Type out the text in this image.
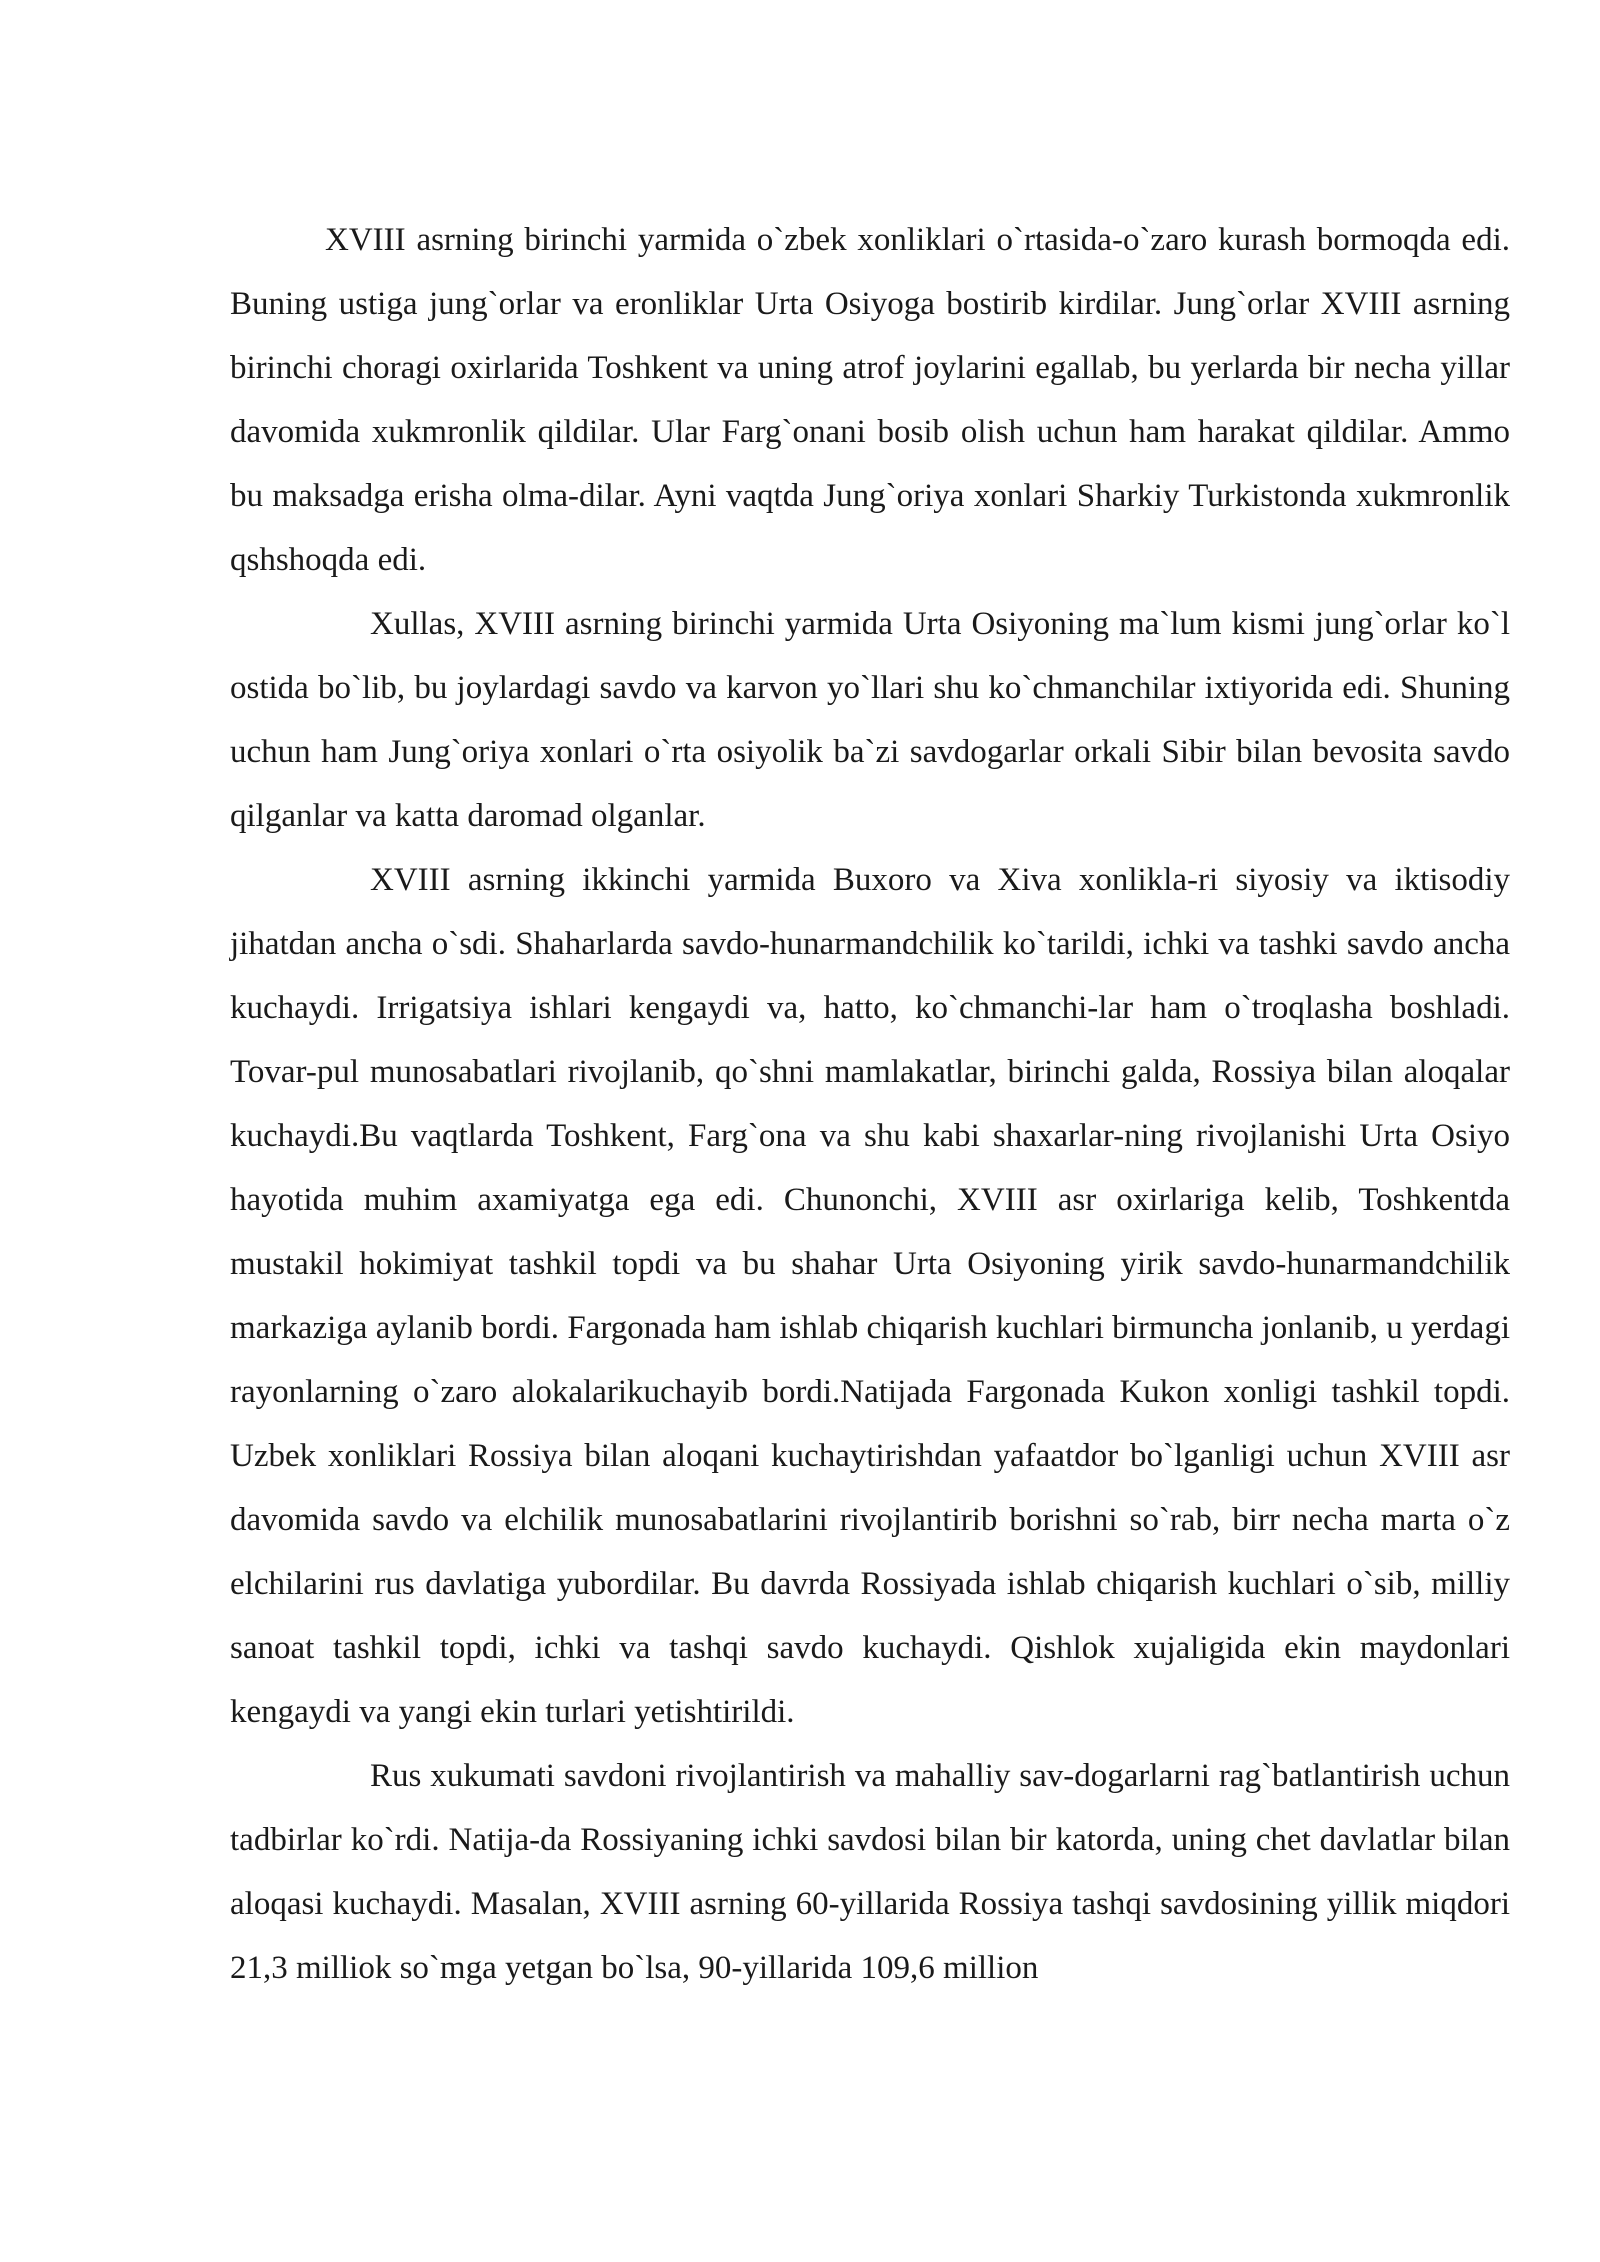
XVIII asrning birinchi yarmida o`zbek xonliklari o`rtasida-o`zaro kurash bormoqda edi. Buning ustiga jung`orlar va eronliklar Urta Osiyoga bostirib kirdilar. Jung`orlar XVIII asrning birinchi choragi oxirlarida Toshkent va uning atrof joylarini egallab, bu yerlarda bir necha yillar davomida xukmronlik qildilar. Ular Farg`onani bosib olish uchun ham harakat qildilar. Ammo bu maksadga erisha olma-dilar. Ayni vaqtda Jung`oriya xonlari Sharkiy Turkistonda xukmronlik qshshoqda edi.

Xullas, XVIII asrning birinchi yarmida Urta Osiyoning ma`lum kismi jung`orlar ko`l ostida bo`lib, bu joylardagi savdo va karvon yo`llari shu ko`chmanchilar ixtiyorida edi. Shuning uchun ham Jung`oriya xonlari o`rta osiyolik ba`zi savdogarlar orkali Sibir bilan bevosita savdo qilganlar va katta daromad olganlar.

XVIII asrning ikkinchi yarmida Buxoro va Xiva xonlikla-ri siyosiy va iktisodiy jihatdan ancha o`sdi. Shaharlarda savdo-hunarmandchilik ko`tarildi, ichki va tashki savdo ancha kuchaydi. Irrigatsiya ishlari kengaydi va, hatto, ko`chmanchi-lar ham o`troqlasha boshladi. Tovar-pul munosabatlari rivojlanib, qo`shni mamlakatlar, birinchi galda, Rossiya bilan aloqalar kuchaydi.Bu vaqtlarda Toshkent, Farg`ona va shu kabi shaxarlar-ning rivojlanishi Urta Osiyo hayotida muhim axamiyatga ega edi. Chunonchi, XVIII asr oxirlariga kelib, Toshkentda mustakil hokimiyat tashkil topdi va bu shahar Urta Osiyoning yirik savdo-hunarmandchilik markaziga aylanib bordi. Fargonada ham ishlab chiqarish kuchlari birmuncha jonlanib, u yerdagi rayonlarning o`zaro alokalarikuchayib bordi.Natijada Fargonada Kukon xonligi tashkil topdi. Uzbek xonliklari Rossiya bilan aloqani kuchaytirishdan yafaatdor bo`lganligi uchun XVIII asr davomida savdo va elchilik munosabatlarini rivojlantirib borishni so`rab, birr necha marta o`z elchilarini rus davlatiga yubordilar. Bu davrda Rossiyada ishlab chiqarish kuchlari o`sib, milliy sanoat tashkil topdi, ichki va tashqi savdo kuchaydi. Qishlok xujaligida ekin maydonlari kengaydi va yangi ekin turlari yetishtirildi.

Rus xukumati savdoni rivojlantirish va mahalliy sav-dogarlarni rag`batlantirish uchun tadbirlar ko`rdi. Natija-da Rossiyaning ichki savdosi bilan bir katorda, uning chet davlatlar bilan aloqasi kuchaydi. Masalan, XVIII asrning 60-yillarida Rossiya tashqi savdosining yillik miqdori 21,3 milliok so`mga yetgan bo`lsa, 90-yillarida 109,6 million
